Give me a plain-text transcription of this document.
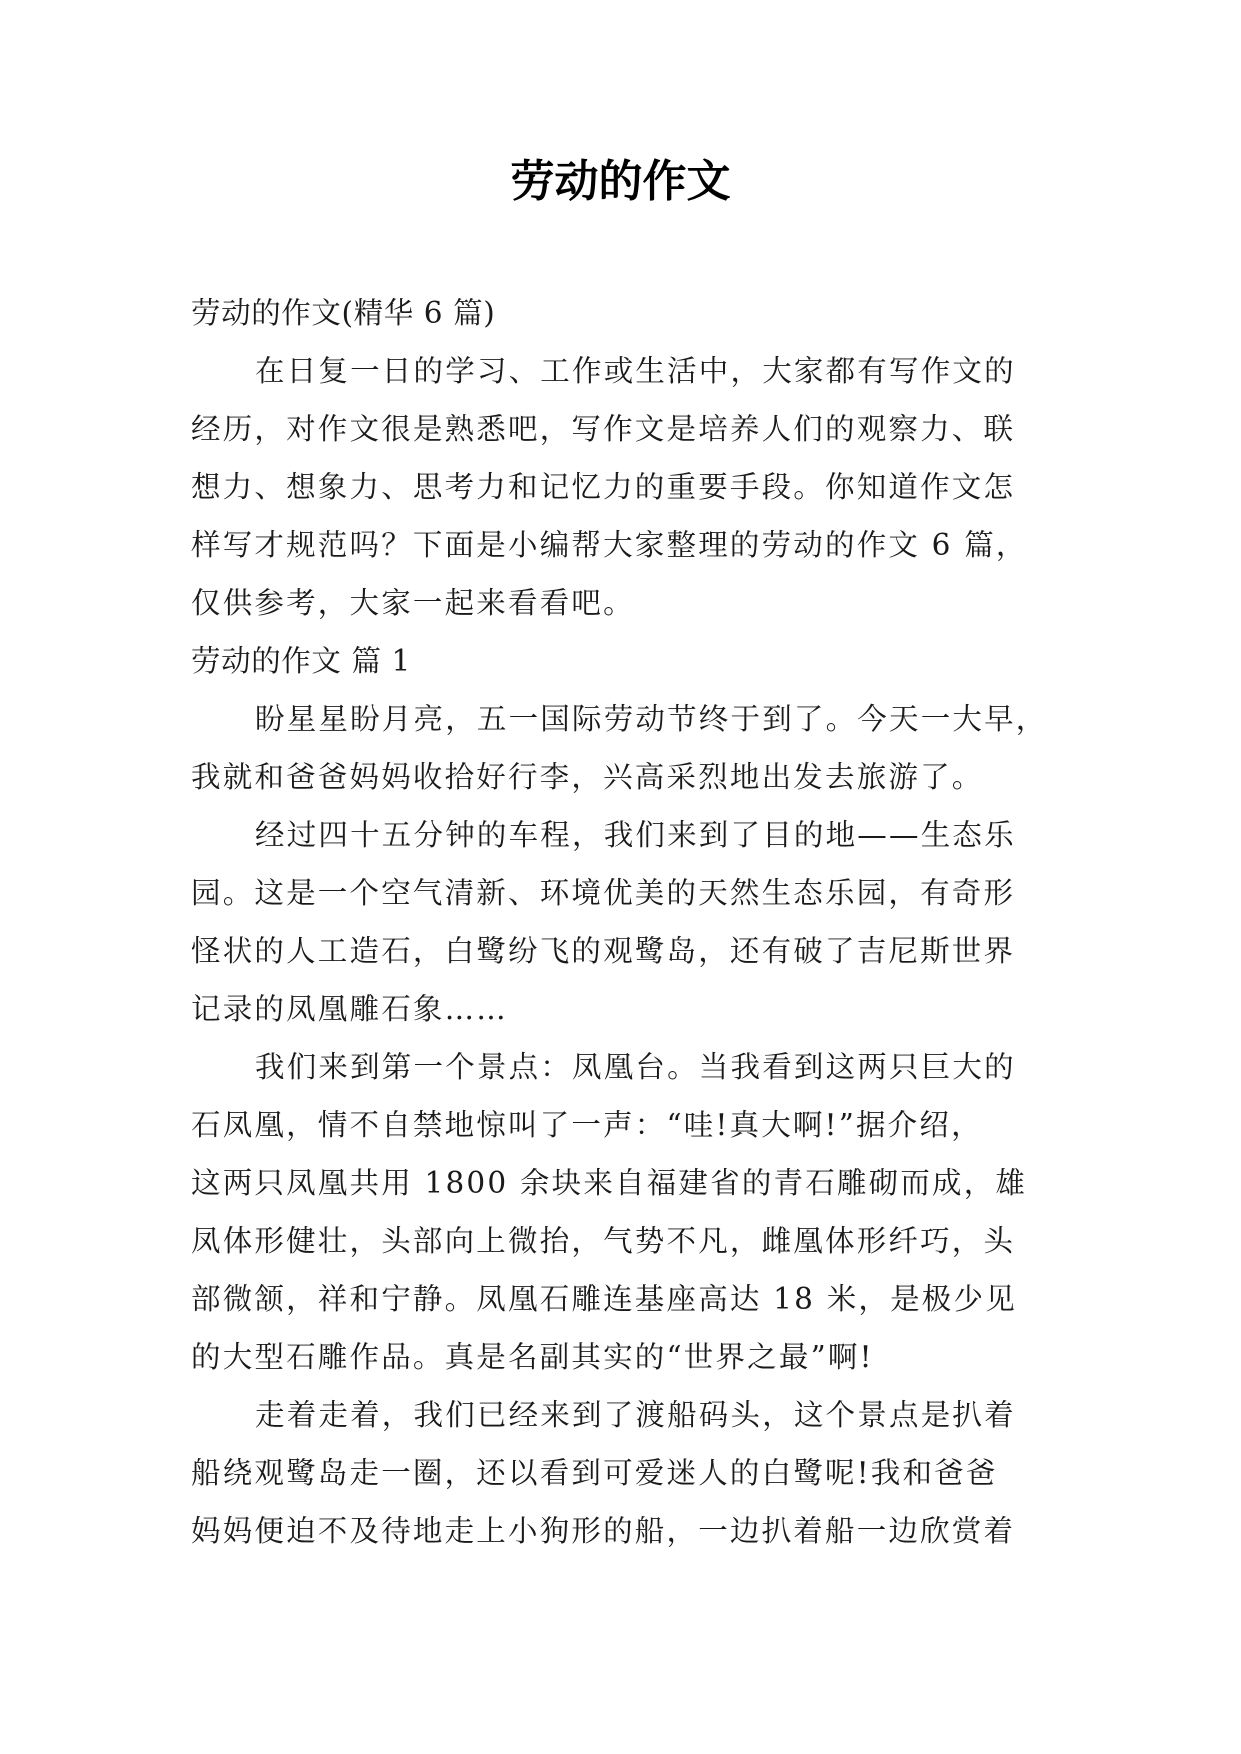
劳动的作文
劳动的作文(精华 6 篇)
在日复一日的学习、工作或生活中，大家都有写作文的
经历，对作文很是熟悉吧，写作文是培养人们的观察力、联
想力、想象力、思考力和记忆力的重要手段。你知道作文怎
样写才规范吗？下面是小编帮大家整理的劳动的作文 6 篇，
仅供参考，大家一起来看看吧。
劳动的作文 篇 1
盼星星盼月亮，五一国际劳动节终于到了。今天一大早，
我就和爸爸妈妈收拾好行李，兴高采烈地出发去旅游了。
经过四十五分钟的车程，我们来到了目的地——生态乐
园。这是一个空气清新、环境优美的天然生态乐园，有奇形
怪状的人工造石，白鹭纷飞的观鹭岛，还有破了吉尼斯世界
记录的凤凰雕石象……
我们来到第一个景点：凤凰台。当我看到这两只巨大的
石凤凰，情不自禁地惊叫了一声：“哇!真大啊!”据介绍，
这两只凤凰共用 1800 余块来自福建省的青石雕砌而成，雄
凤体形健壮，头部向上微抬，气势不凡，雌凰体形纤巧，头
部微颔，祥和宁静。凤凰石雕连基座高达 18 米，是极少见
的大型石雕作品。真是名副其实的“世界之最”啊!
走着走着，我们已经来到了渡船码头，这个景点是扒着
船绕观鹭岛走一圈，还以看到可爱迷人的白鹭呢!我和爸爸
妈妈便迫不及待地走上小狗形的船，一边扒着船一边欣赏着
